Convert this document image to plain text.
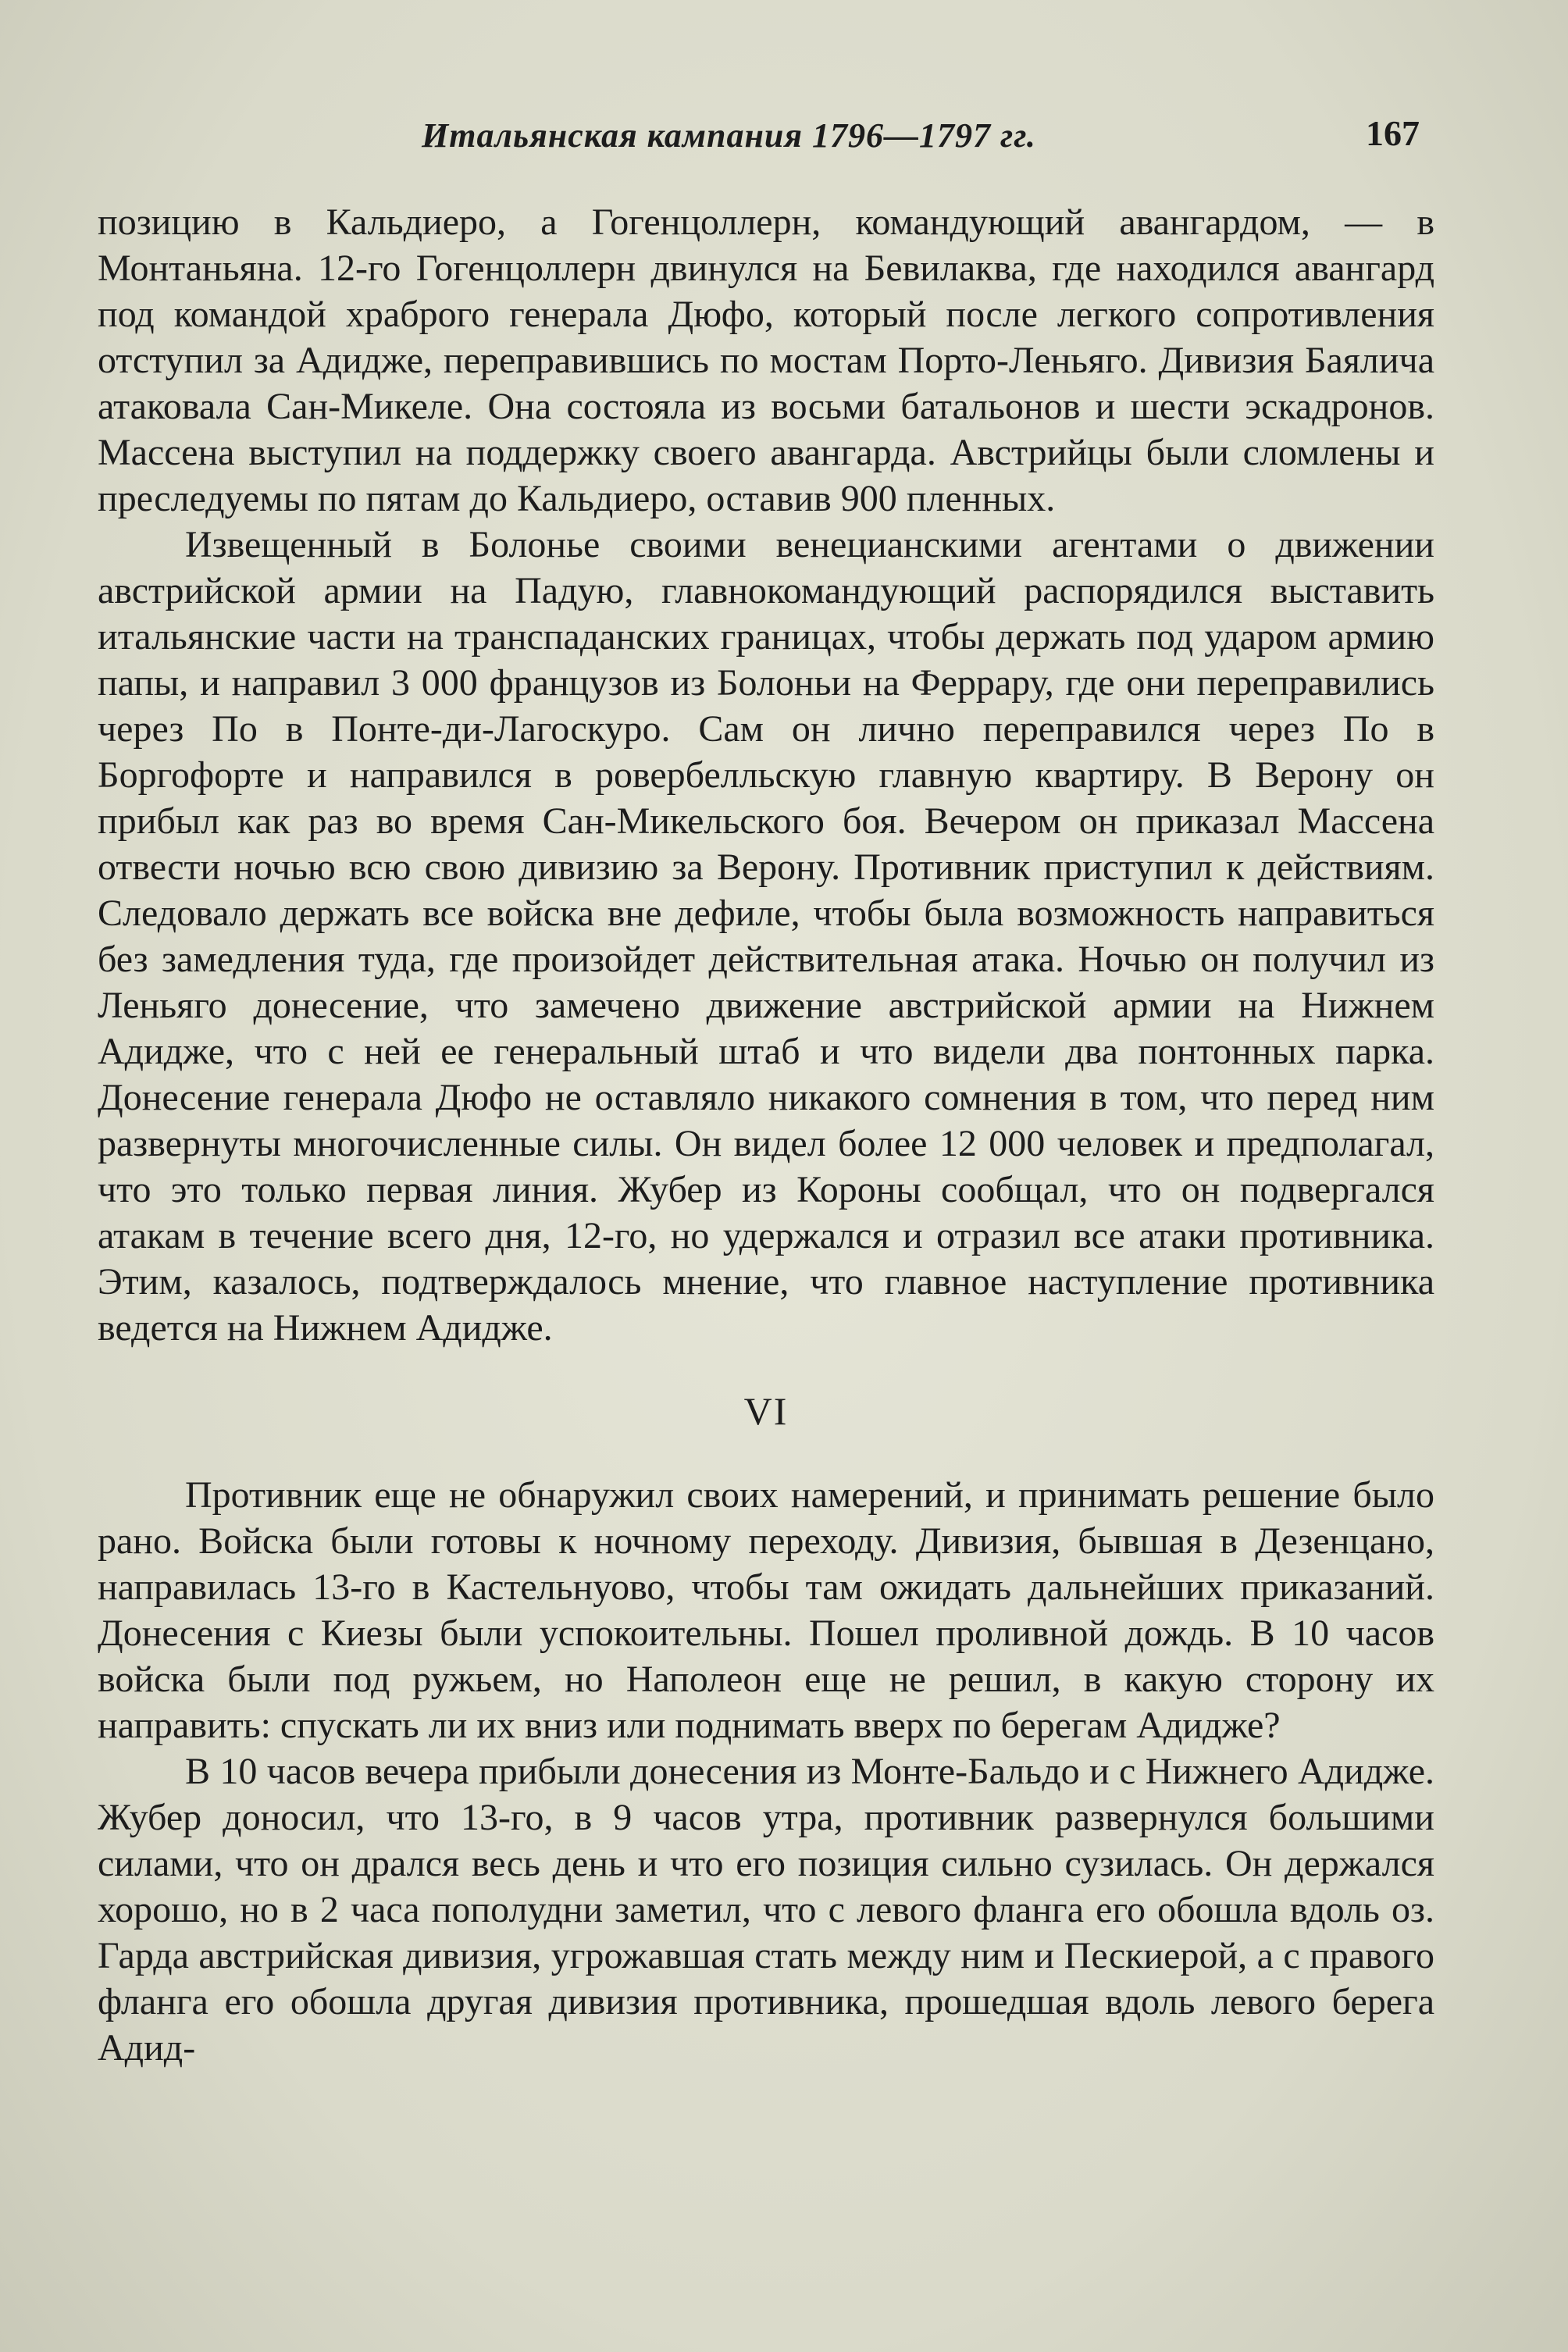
Итальянская кампания 1796—1797 гг.	167

позицию в Кальдиеро, а Гогенцоллерн, командующий авангардом, — в Монтаньяна. 12-го Гогенцоллерн двинулся на Бевилаква, где находился авангард под командой храброго генерала Дюфо, который после легкого сопротивления отступил за Адидже, переправившись по мостам Порто-Леньяго. Дивизия Баялича атаковала Сан-Микеле. Она состояла из восьми батальонов и шести эскадронов. Массена выступил на поддержку своего авангарда. Австрийцы были сломлены и преследуемы по пятам до Кальдиеро, оставив 900 пленных.

Извещенный в Болонье своими венецианскими агентами о движении австрийской армии на Падую, главнокомандующий распорядился выставить итальянские части на транспаданских границах, чтобы держать под ударом армию папы, и направил 3 000 французов из Болоньи на Феррару, где они переправились через По в Понте-ди-Лагоскуро. Сам он лично переправился через По в Боргофорте и направился в ровербелльскую главную квартиру. В Верону он прибыл как раз во время Сан-Микельского боя. Вечером он приказал Массена отвести ночью всю свою дивизию за Верону. Противник приступил к действиям. Следовало держать все войска вне дефиле, чтобы была возможность направиться без замедления туда, где произойдет действительная атака. Ночью он получил из Леньяго донесение, что замечено движение австрийской армии на Нижнем Адидже, что с ней ее генеральный штаб и что видели два понтонных парка. Донесение генерала Дюфо не оставляло никакого сомнения в том, что перед ним развернуты многочисленные силы. Он видел более 12 000 человек и предполагал, что это только первая линия. Жубер из Короны сообщал, что он подвергался атакам в течение всего дня, 12-го, но удержался и отразил все атаки противника. Этим, казалось, подтверждалось мнение, что главное наступление противника ведется на Нижнем Адидже.

VI

Противник еще не обнаружил своих намерений, и принимать решение было рано. Войска были готовы к ночному переходу. Дивизия, бывшая в Дезенцано, направилась 13-го в Кастельнуово, чтобы там ожидать дальнейших приказаний. Донесения с Киезы были успокоительны. Пошел проливной дождь. В 10 часов войска были под ружьем, но Наполеон еще не решил, в какую сторону их направить: спускать ли их вниз или поднимать вверх по берегам Адидже?

В 10 часов вечера прибыли донесения из Монте-Бальдо и с Нижнего Адидже. Жубер доносил, что 13-го, в 9 часов утра, противник развернулся большими силами, что он дрался весь день и что его позиция сильно сузилась. Он держался хорошо, но в 2 часа пополудни заметил, что с левого фланга его обошла вдоль оз. Гарда австрийская дивизия, угрожавшая стать между ним и Пескиерой, а с правого фланга его обошла другая дивизия противника, прошедшая вдоль левого берега Адид-
